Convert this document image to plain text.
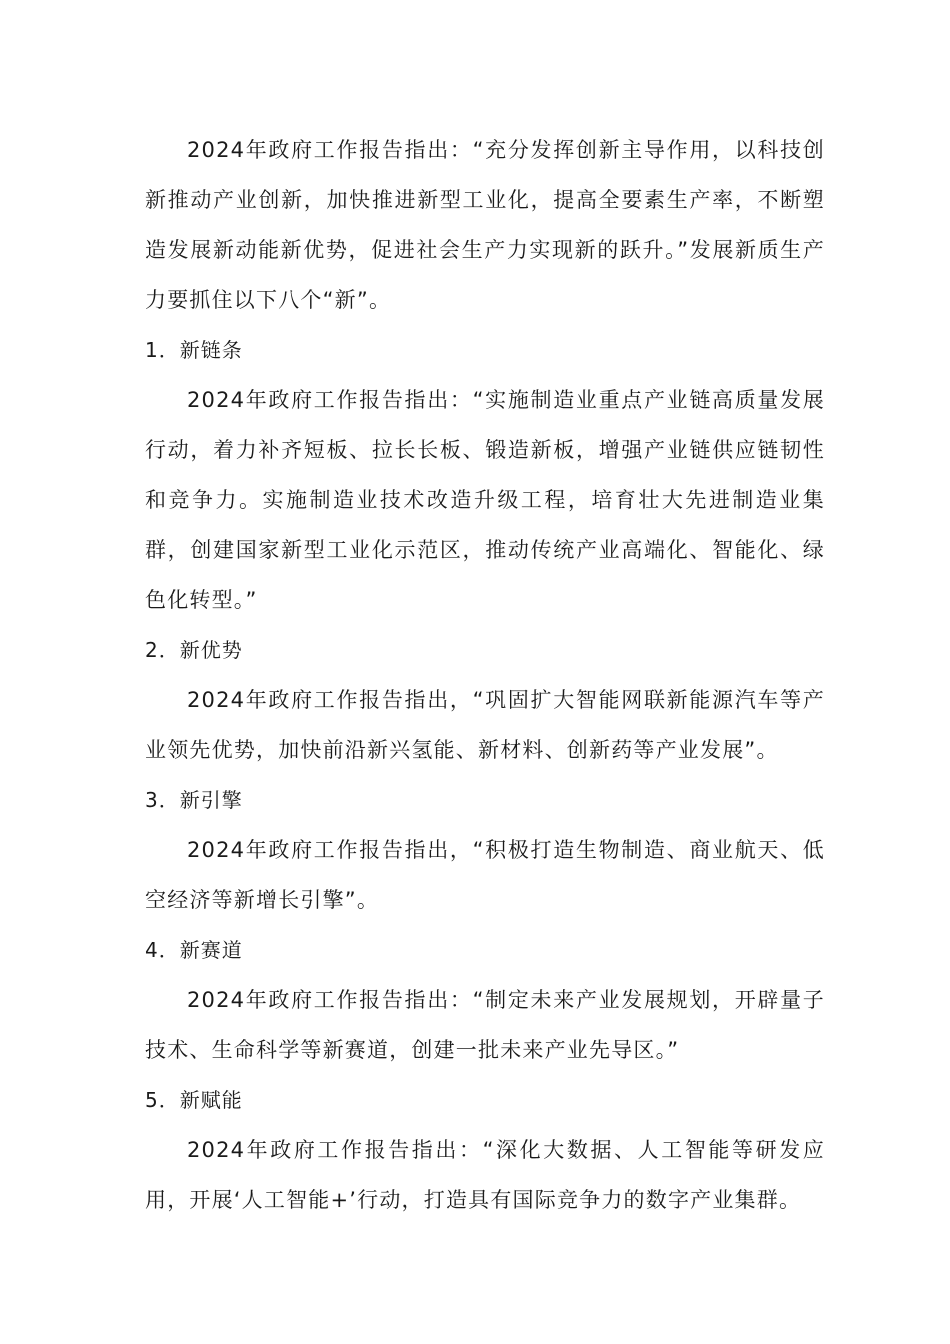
2024年政府工作报告指出：“充分发挥创新主导作用，以科技创新推动产业创新，加快推进新型工业化，提高全要素生产率，不断塑造发展新动能新优势，促进社会生产力实现新的跃升。”发展新质生产力要抓住以下八个“新”。

1．新链条

2024年政府工作报告指出：“实施制造业重点产业链高质量发展行动，着力补齐短板、拉长长板、锻造新板，增强产业链供应链韧性和竞争力。实施制造业技术改造升级工程，培育壮大先进制造业集群，创建国家新型工业化示范区，推动传统产业高端化、智能化、绿色化转型。”

2．新优势

2024年政府工作报告指出，“巩固扩大智能网联新能源汽车等产业领先优势，加快前沿新兴氢能、新材料、创新药等产业发展”。

3．新引擎

2024年政府工作报告指出，“积极打造生物制造、商业航天、低空经济等新增长引擎”。

4．新赛道

2024年政府工作报告指出：“制定未来产业发展规划，开辟量子技术、生命科学等新赛道，创建一批未来产业先导区。”

5．新赋能

2024年政府工作报告指出：“深化大数据、人工智能等研发应用，开展‘人工智能+’行动，打造具有国际竞争力的数字产业集群。
